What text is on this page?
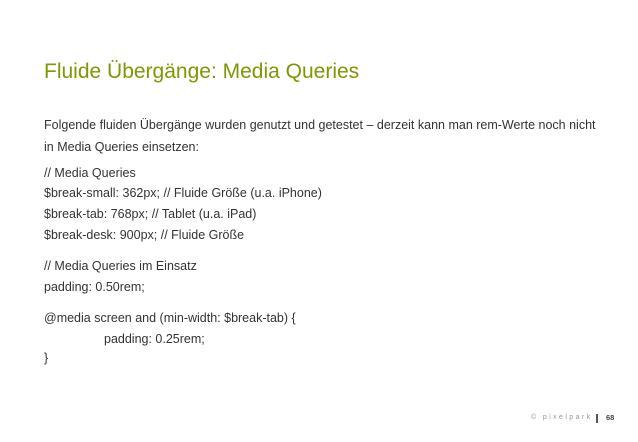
Fluide Übergänge: Media Queries

Folgende fluiden Übergänge wurden genutzt und getestet – derzeit kann man rem-Werte noch nicht in Media Queries einsetzen:

// Media Queries
$break-small: 362px; // Fluide Größe (u.a. iPhone)
$break-tab: 768px; // Tablet (u.a. iPad)
$break-desk: 900px; // Fluide Größe
// Media Queries im Einsatz
padding: 0.50rem;
@media screen and (min-width: $break-tab) {
padding: 0.25rem;
}
© pixelpark 68
